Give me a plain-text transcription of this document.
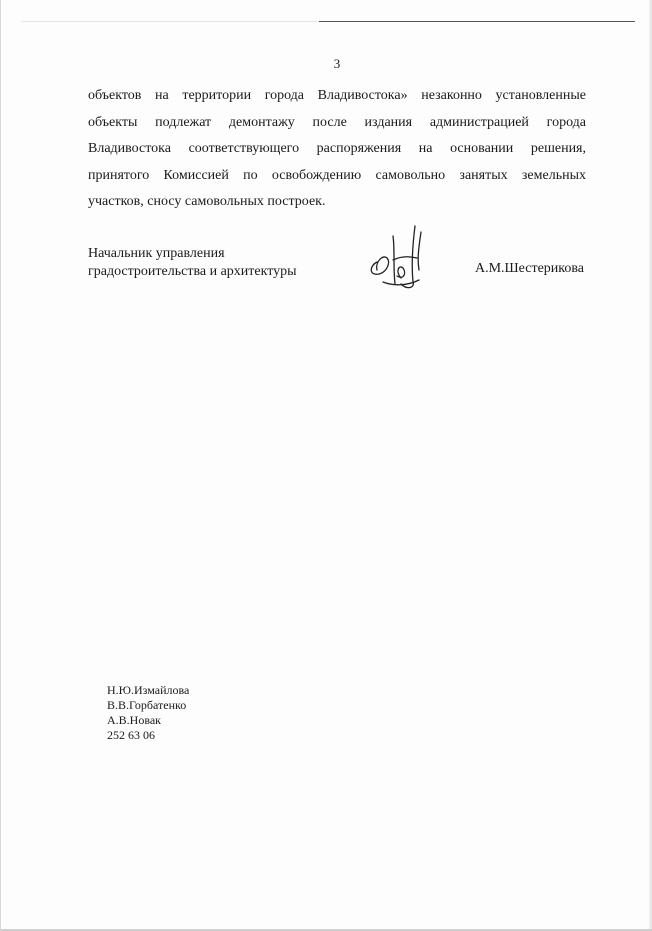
3
объектов на территории города Владивостока» незаконно установленные
объекты подлежат демонтажу после издания администрацией города
Владивостока соответствующего распоряжения на основании решения,
принятого Комиссией по освобождению самовольно занятых земельных
участков, сносу самовольных построек.
Начальник управления
градостроительства и архитектуры	А.М.Шестерикова
Н.Ю.Измайлова
В.В.Горбатенко
А.В.Новак
252 63 06
